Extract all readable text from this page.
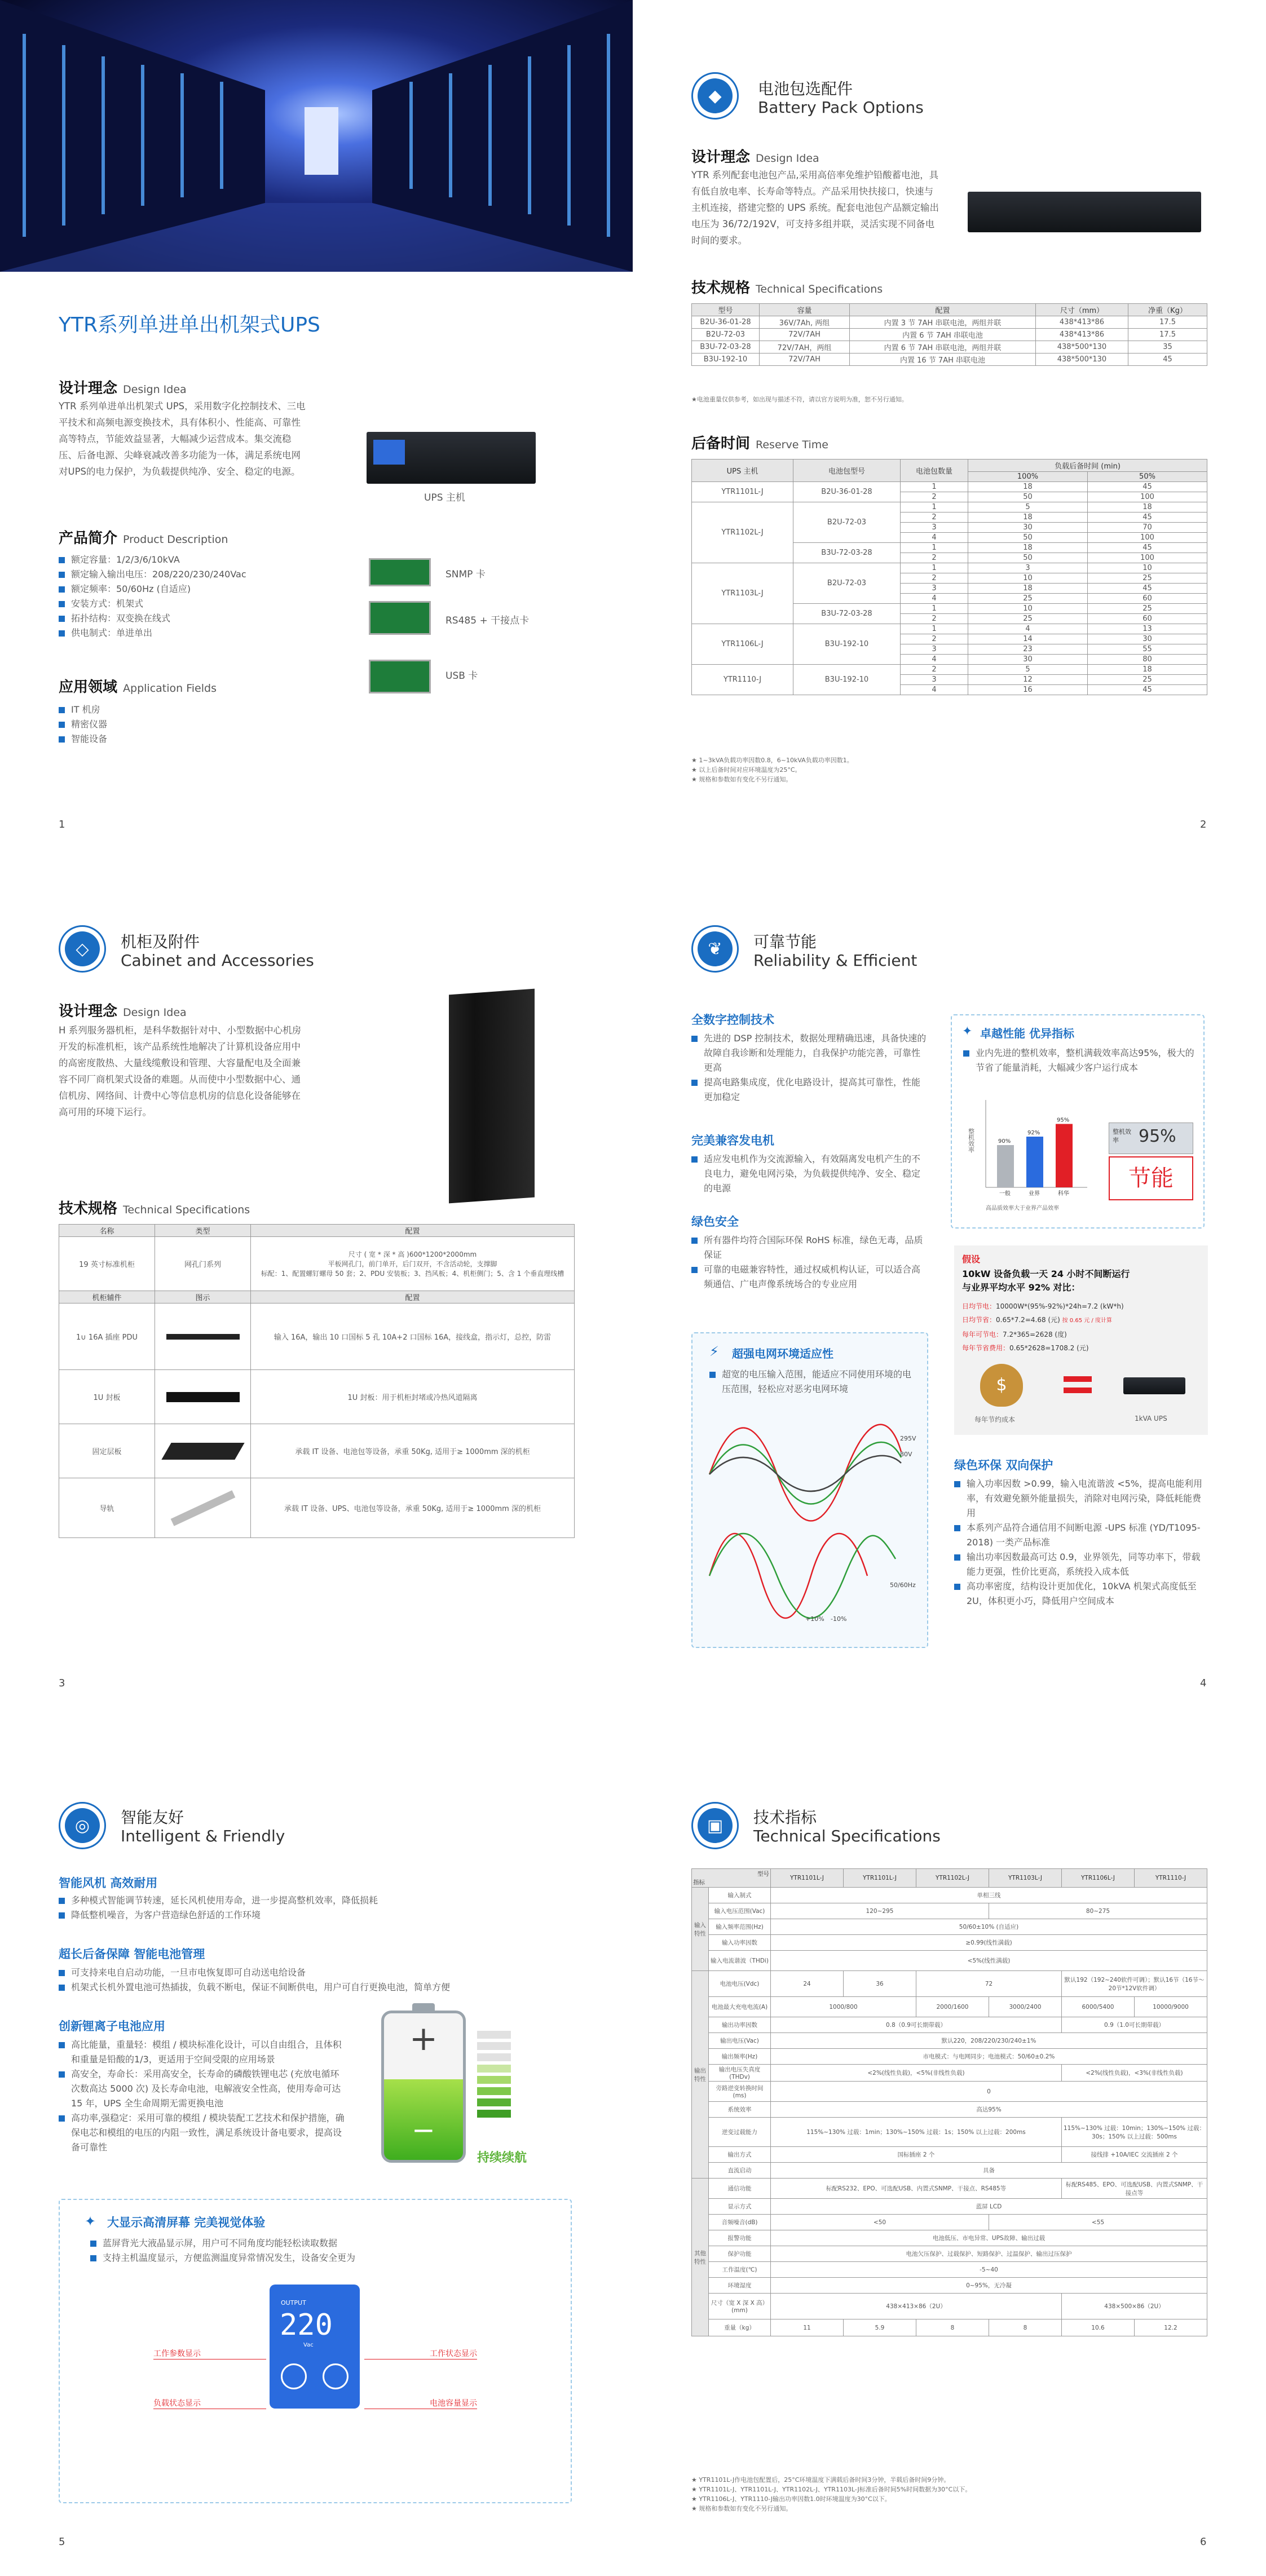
YTR系列单进单出机架式UPS
设计理念 Design Idea
YTR 系列单进单出机架式 UPS，采用数字化控制技术、三电平技术和高频电源变换技术，具有体积小、性能高、可靠性高等特点，节能效益显著，大幅减少运营成本。集交流稳压、后备电源、尖峰衰减改善多功能为一体，满足系统电网对UPS的电力保护，为负载提供纯净、安全、稳定的电源。
UPS 主机
产品简介 Product Description
额定容量：1/2/3/6/10kVA
额定输入输出电压：208/220/230/240Vac
额定频率：50/60Hz (自适应)
安装方式：机架式
拓扑结构：双变换在线式
供电制式：单进单出
SNMP 卡
RS485 + 干接点卡
USB 卡
应用领域 Application Fields
IT 机房
精密仪器
智能设备
1
◆	电池包选配件
Battery Pack Options
设计理念 Design Idea
YTR 系列配套电池包产品,采用高倍率免维护铅酸蓄电池，具有低自放电率、长寿命等特点。产品采用快扶接口，快速与主机连接，搭建完整的 UPS 系统。配套电池包产品额定输出电压为 36/72/192V，可支持多组并联，灵活实现不同备电时间的要求。
技术规格 Technical Specifications
型号	容量	配置	尺寸（mm）	净重（Kg）
B2U-36-01-28	36V/7Ah, 两组	内置 3 节 7AH 串联电池，两组并联	438*413*86	17.5
B2U-72-03	72V/7AH	内置 6 节 7AH 串联电池	438*413*86	17.5
B3U-72-03-28	72V/7AH，两组	内置 6 节 7AH 串联电池，两组并联	438*500*130	35
B3U-192-10	72V/7AH	内置 16 节 7AH 串联电池	438*500*130	45
★电池重量仅供参考，如出现与描述不符，请以官方说明为准，恕不另行通知。
后备时间 Reserve Time
UPS 主机	电池包型号	电池包数量	负载后备时间 (min)	
			100%	50%
YTR1101L-J	B2U-36-01-28	1	18	45
		2	50	100
YTR1102L-J	B2U-72-03	1	5	18
		2	18	45
		3	30	70
		4	50	100
	B3U-72-03-28	1	18	45
		2	50	100
YTR1103L-J	B2U-72-03	1	3	10
		2	10	25
		3	18	45
		4	25	60
	B3U-72-03-28	1	10	25
		2	25	60
YTR1106L-J	B3U-192-10	1	4	13
		2	14	30
		3	23	55
		4	30	80
YTR1110-J	B3U-192-10	2	5	18
		3	12	25
		4	16	45
★ 1~3kVA负载功率因数0.8，6~10kVA负载功率因数1。
★ 以上后备时间对应环境温度为25°C。
★ 规格和参数如有变化不另行通知。
2
◇	机柜及附件
Cabinet and Accessories
设计理念 Design Idea
H 系列服务器机柜，是科华数据针对中、小型数据中心机房开发的标准机柜，该产品系统性地解决了计算机设备应用中的高密度散热、大量线缆敷设和管理、大容量配电及全面兼容不同厂商机架式设备的难题。从而使中小型数据中心、通信机房、网络间、计费中心等信息机房的信息化设备能够在高可用的环境下运行。
技术规格 Technical Specifications
名称	类型	配置
19 英寸标准机柜	网孔门系列	尺寸 ( 宽 * 深 * 高 )600*1200*2000mm
平板网孔门，前门单开，后门双开，不含活动轮，支撑脚
标配：1、配置螺钉螺母 50 套；2、PDU 安装板；3、挡风板；4、机柜侧门；5、含 1 个垂直理线槽
机柜辅件	图示	配置
1∪ 16A 插座 PDU		输入 16A，输出 10 口国标 5 孔 10A+2 口国标 16A，接线盒，指示灯，总控，防雷
1U 封板		1U 封板：用于机柜封堵或冷热风道隔离
固定层板		承载 IT 设备、电池包等设备，承重 50Kg, 适用于≥ 1000mm 深的机柜
导轨		承载 IT 设备、UPS、电池包等设备，承重 50Kg, 适用于≥ 1000mm 深的机柜
3
❦	可靠节能
Reliability & Efficient
全数字控制技术
先进的 DSP 控制技术，数据处理精确迅速，具备快速的故障自我诊断和处理能力，自我保护功能完善，可靠性更高
提高电路集成度，优化电路设计，提高其可靠性，性能更加稳定
完美兼容发电机
适应发电机作为交流源输入，有效隔离发电机产生的不良电力，避免电网污染，为负载提供纯净、安全、稳定的电源
绿色安全
所有器件均符合国际环保 RoHS 标准，绿色无毒，品质保证
可靠的电磁兼容特性，通过权威机构认证，可以适合高频通信、广电声像系统场合的专业应用
⚡ 超强电网环境适应性
超宽的电压输入范围，能适应不同使用环境的电压范围，轻松应对恶劣电网环境
295V
80V
50/60Hz
+10% -10%
✦ 卓越性能 优异指标
业内先进的整机效率，整机满载效率高达95%，极大的节省了能量消耗，大幅减少客户运行成本
整机效率
高品质效率大于业界产品效率
90%
一般
92%
业界
95%
科华
整机效率	95%
节能
假设
10kW 设备负载一天 24 小时不间断运行
与业界平均水平 92% 对比：
日均节电：10000W*(95%-92%)*24h=7.2 (kW*h)
日均节省：0.65*7.2=4.68 (元) 按 0.65 元 / 度计算
每年可节电：7.2*365=2628 (度)
每年节省费用：0.65*2628=1708.2 (元)
$
每年节约成本	1kVA UPS
绿色环保 双向保护
输入功率因数 >0.99，输入电流谐波 <5%，提高电能利用率，有效避免额外能量损失，消除对电网污染，降低耗能费用
本系列产品符合通信用不间断电源 -UPS 标准 (YD/T1095-2018) 一类产品标准
输出功率因数最高可达 0.9，业界领先，同等功率下，带载能力更强，性价比更高，系统投入成本低
高功率密度，结构设计更加优化，10kVA 机架式高度低至 2U，体积更小巧，降低用户空间成本
4
◎	智能友好
Intelligent & Friendly
智能风机 高效耐用
多种模式智能调节转速，延长风机使用寿命，进一步提高整机效率，降低损耗
降低整机噪音，为客户营造绿色舒适的工作环境
超长后备保障 智能电池管理
可支持来电自启动功能，一旦市电恢复即可自动送电给设备
机架式长机外置电池可热插拔，负载不断电，保证不间断供电，用户可自行更换电池，简单方便
创新锂离子电池应用
高比能量，重量轻：模组 / 模块标准化设计，可以自由组合，且体积和重量是铅酸的1/3，更适用于空间受限的应用场景
高安全，寿命长：采用高安全，长寿命的磷酸铁锂电芯 (充放电循环次数高达 5000 次) 及长寿命电池，电解液安全性高，使用寿命可达 15 年，UPS 全生命周期无需更换电池
高功率,强稳定：采用可靠的模组 / 模块装配工艺技术和保护措施，确保电芯和模组的电压的内阻一致性，满足系统设计备电要求，提高设备可靠性
+
−
持续续航
✦ 大显示高清屏幕 完美视觉体验
蓝屏背光大液晶显示屏，用户可不同角度均能轻松读取数据
支持主机温度显示，方便监测温度异常情况发生，设备安全更为
OUTPUT
220
Vac
工作参数显示
负载状态显示
工作状态显示
电池容量显示
5
▣	技术指标
Technical Specifications
型号

指标		YTR1101L-J	YTR1101L-J	YTR1102L-J	YTR1103L-J	YTR1106L-J	YTR1110-J
输入特性	输入制式	单相三线					
	输入电压范围(Vac)	120~295			80~275		
	输入频率范围(Hz)	50/60±10% (自适应)					
	输入功率因数	≥0.99(线性满载)					
	输入电流谐波（THDi)	<5%(线性满载)					
输出特性	电池电压(Vdc)	24	36	72		默认192（192~240软件可调）；默认16节（16节～20节*12V软件调）	
	电池最大充电电流(A)	1000/800		2000/1600	3000/2400	6000/5400	10000/9000
	输出功率因数	0.8（0.9可长期带载）				0.9（1.0可长期带载）	
	输出电压(Vac)	默认220，208/220/230/240±1%					
	输出频率(Hz)	市电模式：与电网同步；电池模式：50/60±0.2%					
	输出电压失真度(THDv)	<2%(线性负载)，<5%(非线性负载)				<2%(线性负载)，<3%(非线性负载)	
	旁路逆变转换时间(ms)	0					
	系统效率	高达95%					
	逆变过载能力	115%~130% 过载：1min；130%~150% 过载：1s；150% 以上过载：200ms				115%~130% 过载：10min；130%~150% 过载：30s；150% 以上过载：500ms	
	输出方式	国标插座 2 个				接线排 +10A/IEC 交流插座 2 个	
	直流启动	具备					
其他特性	通信功能	标配RS232、EPO、可选配USB、内置式SNMP、干接点、RS485等				标配RS485、EPO、可选配USB、内置式SNMP、干接点等	
	显示方式	蓝屏 LCD					
	音频噪音(dB)	<50			<55		
	报警功能	电池低压、市电异常、UPS故障、输出过载					
	保护功能	电池欠压保护、过载保护、短路保护、过温保护、输出过压保护					
	工作温度(℃)	-5~40					
	环境湿度	0~95%，无冷凝					
	尺寸（宽 X 深 X 高）(mm)	438×413×86（2U）				438×500×86（2U）	
	重量（kg）	11	5.9	8	8	10.6	12.2
★ YTR1101L-J作电池包配置后，25°C环境温度下满载后备时间3分钟，半载后备时间9分钟。
★ YTR1101L-J、YTR1101L-J、YTR1102L-J、YTR1103L-J标准后备时间5%时间数据为30°C以下。
★ YTR1106L-J、YTR1110-J输出功率因数1.0时环境温度为30°C以下。
★ 规格和参数如有变化不另行通知。
6
